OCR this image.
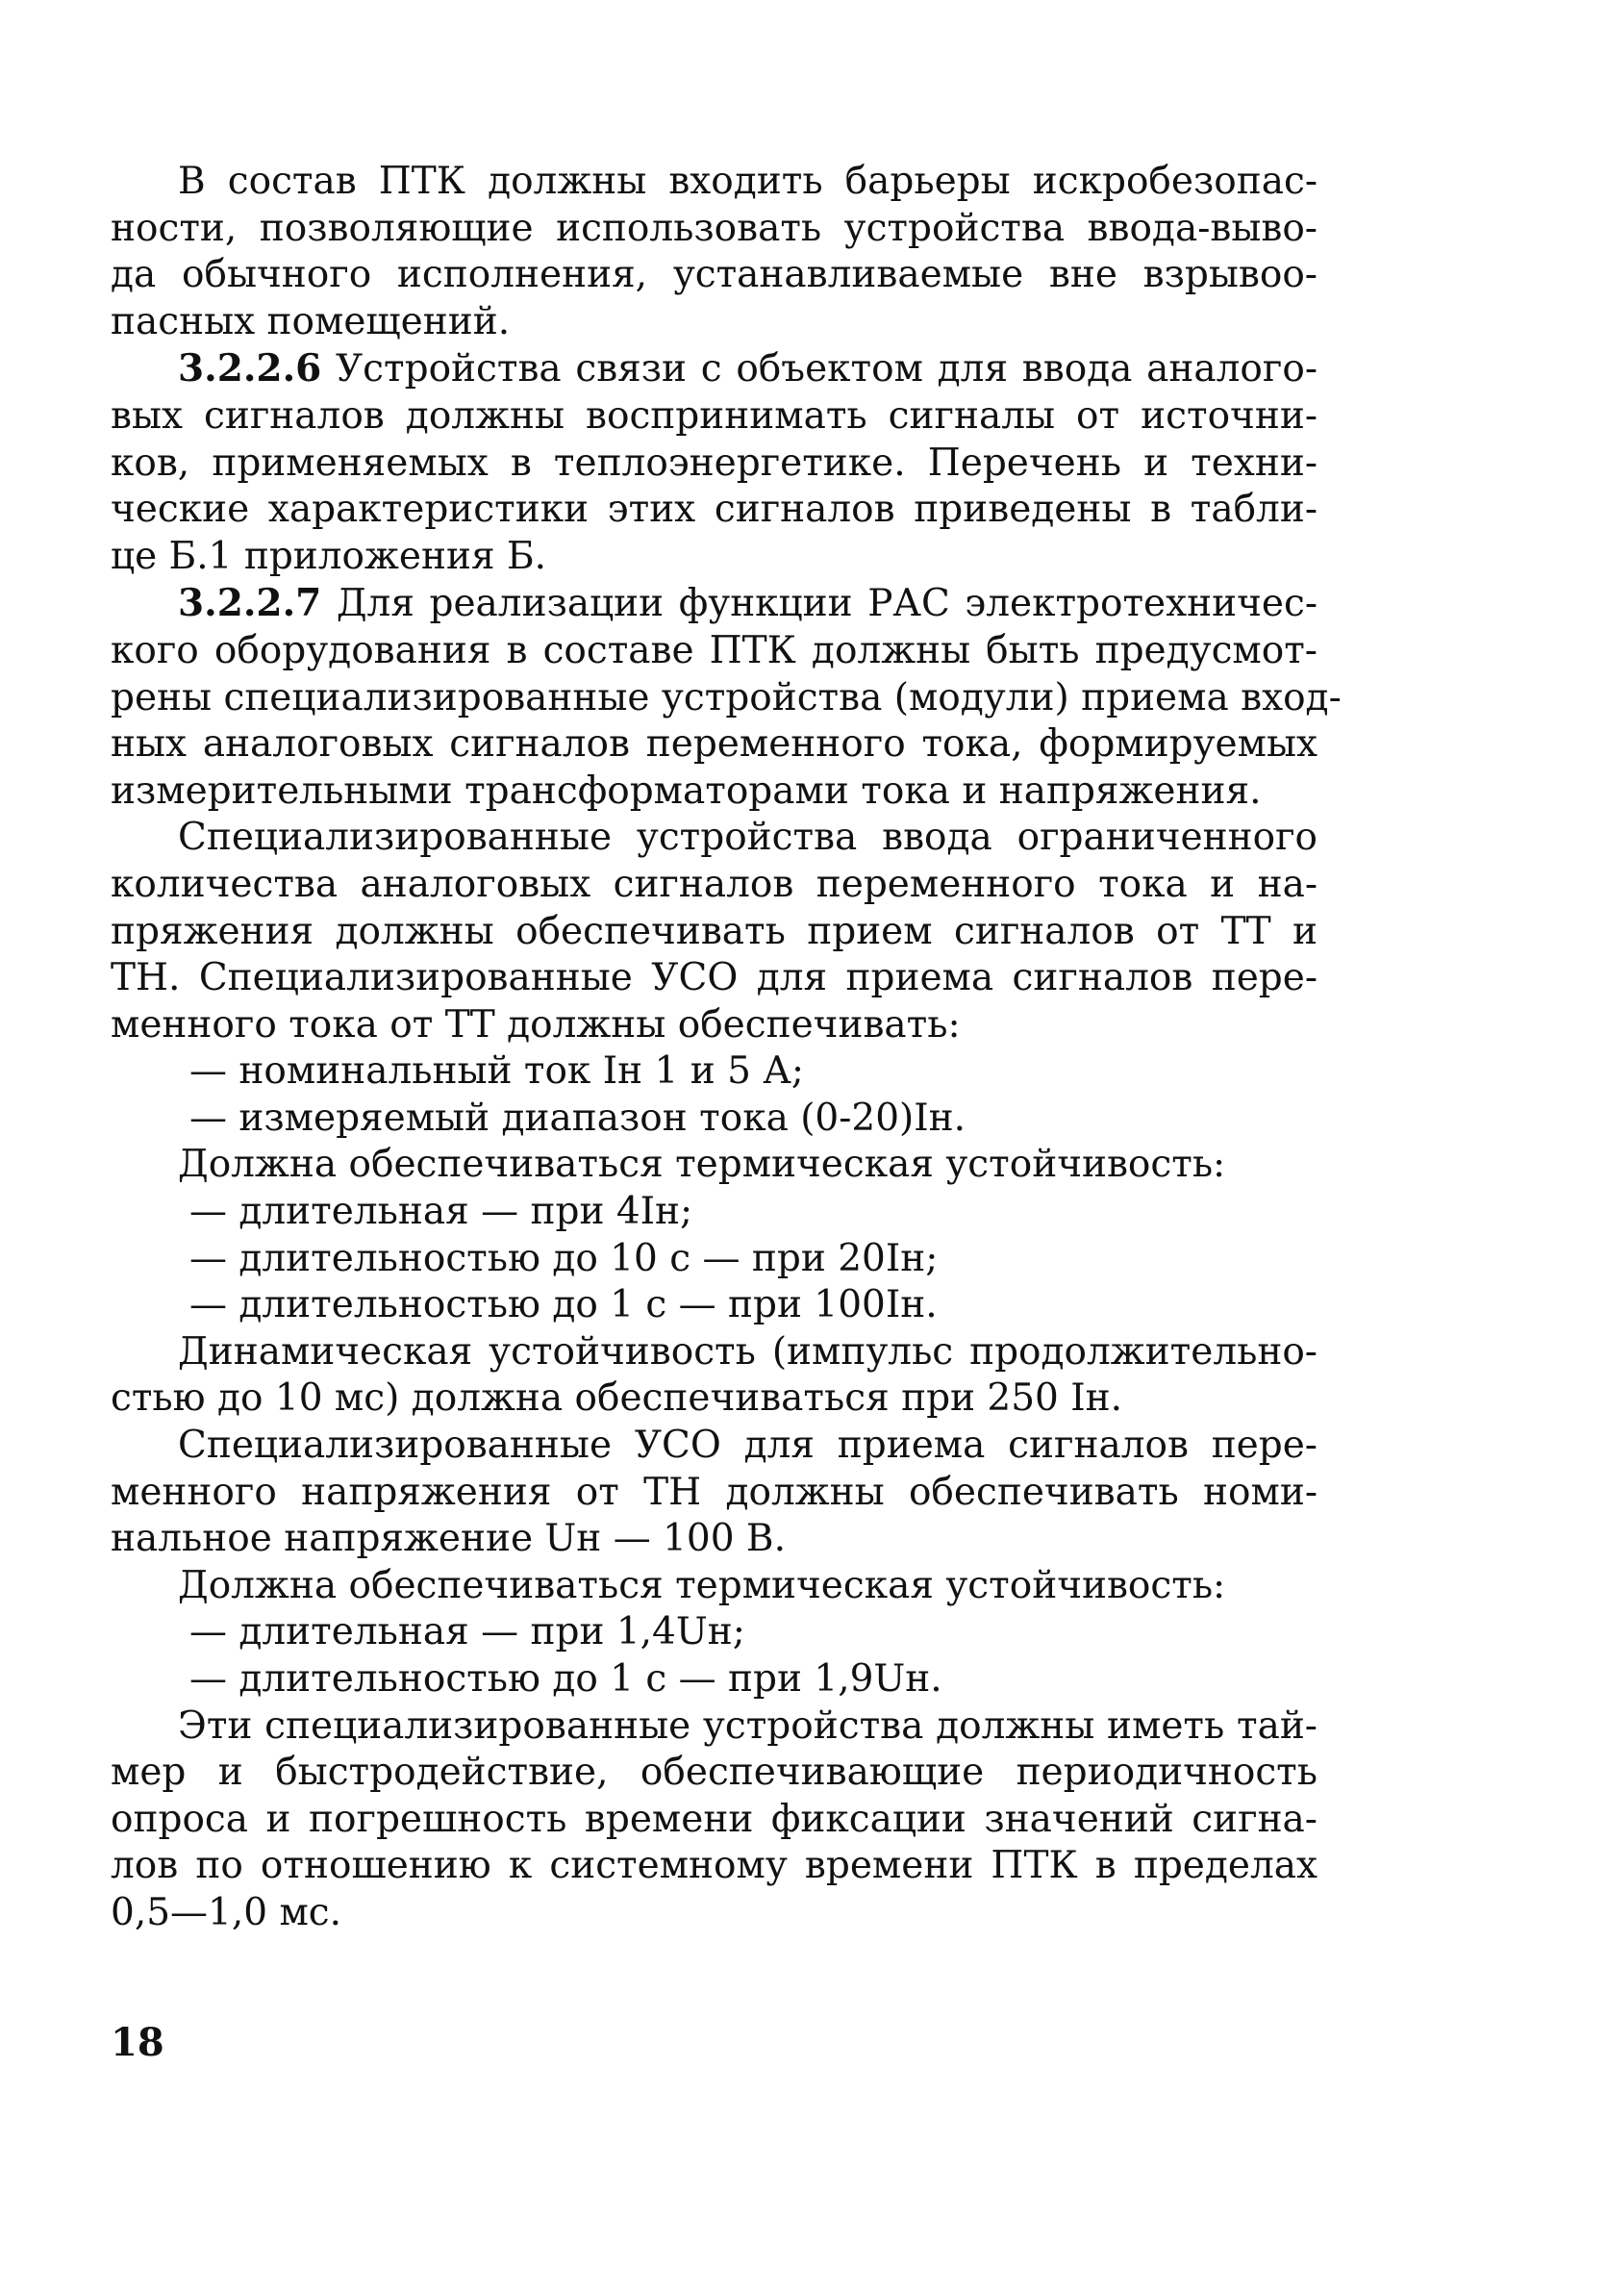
В состав ПТК должны входить барьеры искробезопас-
ности, позволяющие использовать устройства ввода-выво-
да обычного исполнения, устанавливаемые вне взрывоо-
пасных помещений.
3.2.2.6 Устройства связи с объектом для ввода аналого-
вых сигналов должны воспринимать сигналы от источни-
ков, применяемых в теплоэнергетике. Перечень и техни-
ческие характеристики этих сигналов приведены в табли-
це Б.1 приложения Б.
3.2.2.7 Для реализации функции РАС электротехничес-
кого оборудования в составе ПТК должны быть предусмот-
рены специализированные устройства (модули) приема вход-
ных аналоговых сигналов переменного тока, формируемых
измерительными трансформаторами тока и напряжения.
Специализированные устройства ввода ограниченного
количества аналоговых сигналов переменного тока и на-
пряжения должны обеспечивать прием сигналов от ТТ и
ТН. Специализированные УСО для приема сигналов пере-
менного тока от ТТ должны обеспечивать:
— номинальный ток Iн 1 и 5 А;
— измеряемый диапазон тока (0-20)Iн.
Должна обеспечиваться термическая устойчивость:
— длительная — при 4Iн;
— длительностью до 10 с — при 20Iн;
— длительностью до 1 с — при 100Iн.
Динамическая устойчивость (импульс продолжительно-
стью до 10 мс) должна обеспечиваться при 250 Iн.
Специализированные УСО для приема сигналов пере-
менного напряжения от ТН должны обеспечивать номи-
нальное напряжение Uн — 100 В.
Должна обеспечиваться термическая устойчивость:
— длительная — при 1,4Uн;
— длительностью до 1 с — при 1,9Uн.
Эти специализированные устройства должны иметь тай-
мер и быстродействие, обеспечивающие периодичность
опроса и погрешность времени фиксации значений сигна-
лов по отношению к системному времени ПТК в пределах
0,5—1,0 мс.
18
